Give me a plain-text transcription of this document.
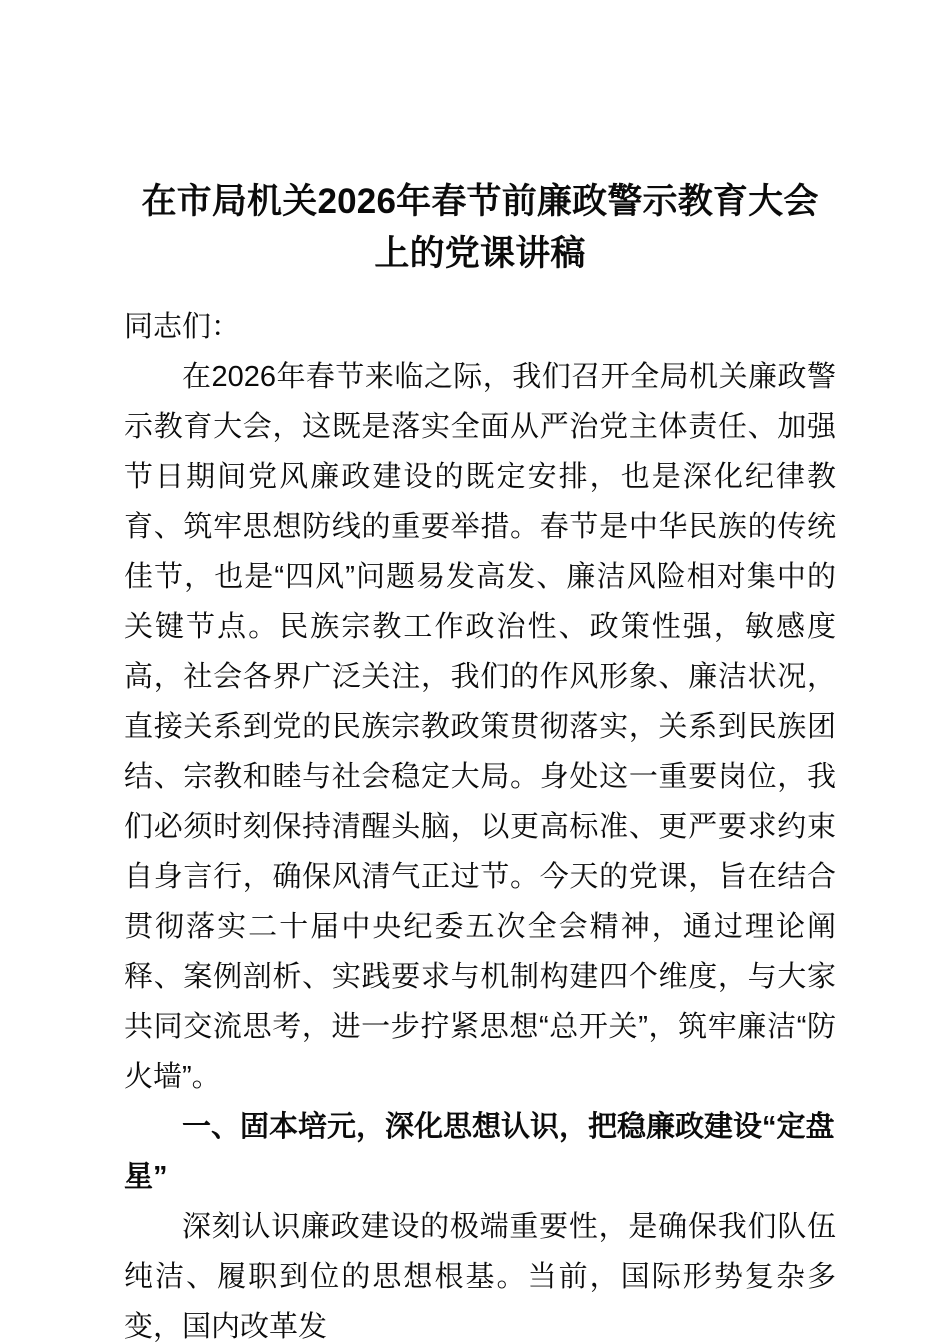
在市局机关2026年春节前廉政警示教育大会上的党课讲稿

同志们：

在2026年春节来临之际，我们召开全局机关廉政警示教育大会，这既是落实全面从严治党主体责任、加强节日期间党风廉政建设的既定安排，也是深化纪律教育、筑牢思想防线的重要举措。春节是中华民族的传统佳节，也是“四风”问题易发高发、廉洁风险相对集中的关键节点。民族宗教工作政治性、政策性强，敏感度高，社会各界广泛关注，我们的作风形象、廉洁状况，直接关系到党的民族宗教政策贯彻落实，关系到民族团结、宗教和睦与社会稳定大局。身处这一重要岗位，我们必须时刻保持清醒头脑，以更高标准、更严要求约束自身言行，确保风清气正过节。今天的党课，旨在结合贯彻落实二十届中央纪委五次全会精神，通过理论阐释、案例剖析、实践要求与机制构建四个维度，与大家共同交流思考，进一步拧紧思想“总开关”，筑牢廉洁“防火墙”。

一、固本培元，深化思想认识，把稳廉政建设“定盘星”

深刻认识廉政建设的极端重要性，是确保我们队伍纯洁、履职到位的思想根基。当前，国际形势复杂多变，国内改革发
